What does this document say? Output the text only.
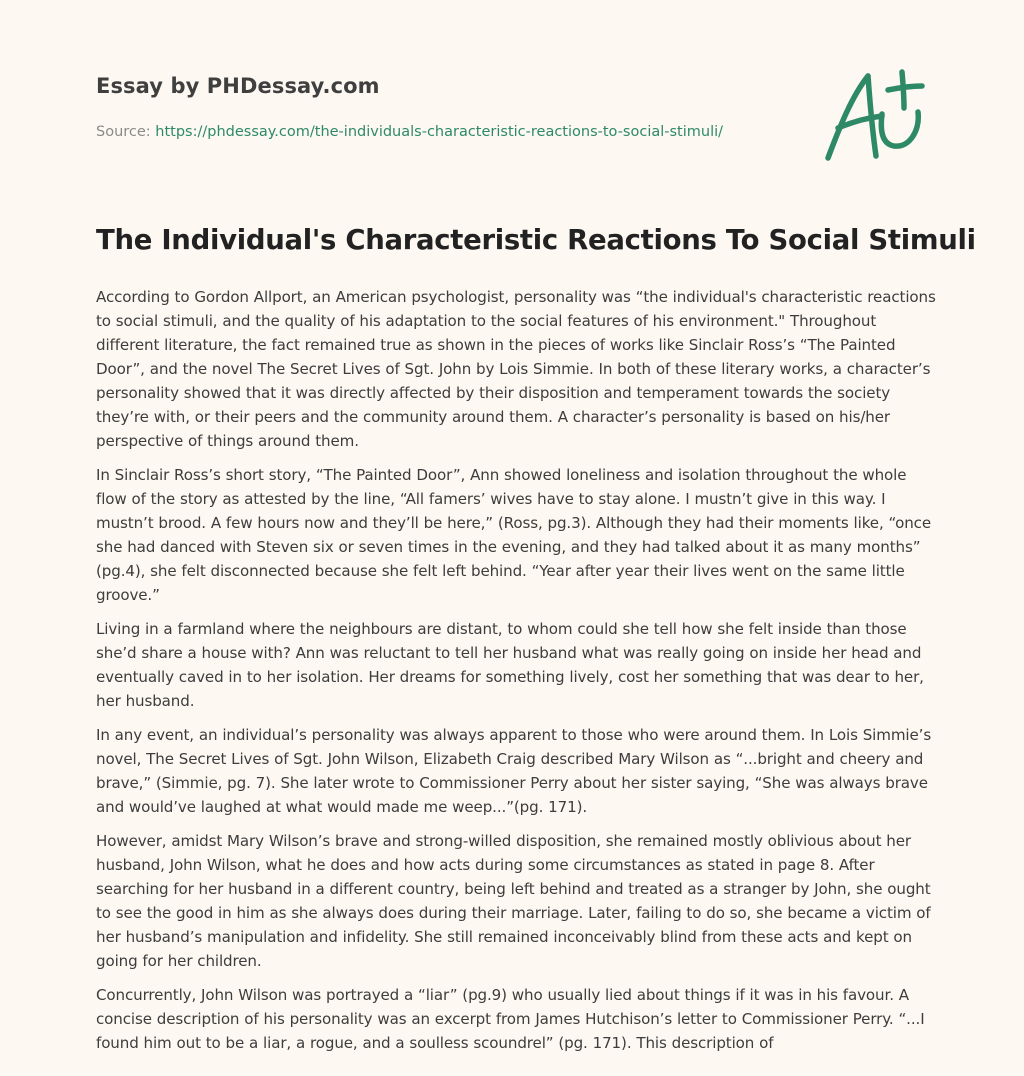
Essay by PHDessay.com
Source: https://phdessay.com/the-individuals-characteristic-reactions-to-social-stimuli/
The Individual's Characteristic Reactions To Social Stimuli

According to Gordon Allport, an American psychologist, personality was “the individual's characteristic reactions to social stimuli, and the quality of his adaptation to the social features of his environment." Throughout different literature, the fact remained true as shown in the pieces of works like Sinclair Ross’s “The Painted Door”, and the novel The Secret Lives of Sgt. John by Lois Simmie. In both of these literary works, a character’s personality showed that it was directly affected by their disposition and temperament towards the society they’re with, or their peers and the community around them. A character’s personality is based on his/her perspective of things around them.

In Sinclair Ross’s short story, “The Painted Door”, Ann showed loneliness and isolation throughout the whole flow of the story as attested by the line, “All famers’ wives have to stay alone. I mustn’t give in this way. I mustn’t brood. A few hours now and they’ll be here,” (Ross, pg.3). Although they had their moments like, “once she had danced with Steven six or seven times in the evening, and they had talked about it as many months” (pg.4), she felt disconnected because she felt left behind. “Year after year their lives went on the same little groove.”

Living in a farmland where the neighbours are distant, to whom could she tell how she felt inside than those she’d share a house with? Ann was reluctant to tell her husband what was really going on inside her head and eventually caved in to her isolation. Her dreams for something lively, cost her something that was dear to her, her husband.

In any event, an individual’s personality was always apparent to those who were around them. In Lois Simmie’s novel, The Secret Lives of Sgt. John Wilson, Elizabeth Craig described Mary Wilson as “...bright and cheery and brave,” (Simmie, pg. 7). She later wrote to Commissioner Perry about her sister saying, “She was always brave and would’ve laughed at what would made me weep...”(pg. 171).

However, amidst Mary Wilson’s brave and strong-willed disposition, she remained mostly oblivious about her husband, John Wilson, what he does and how acts during some circumstances as stated in page 8. After searching for her husband in a different country, being left behind and treated as a stranger by John, she ought to see the good in him as she always does during their marriage. Later, failing to do so, she became a victim of her husband’s manipulation and infidelity. She still remained inconceivably blind from these acts and kept on going for her children.

Concurrently, John Wilson was portrayed a “liar” (pg.9) who usually lied about things if it was in his favour. A concise description of his personality was an excerpt from James Hutchison’s letter to Commissioner Perry. “...I found him out to be a liar, a rogue, and a soulless scoundrel” (pg. 171). This description of
